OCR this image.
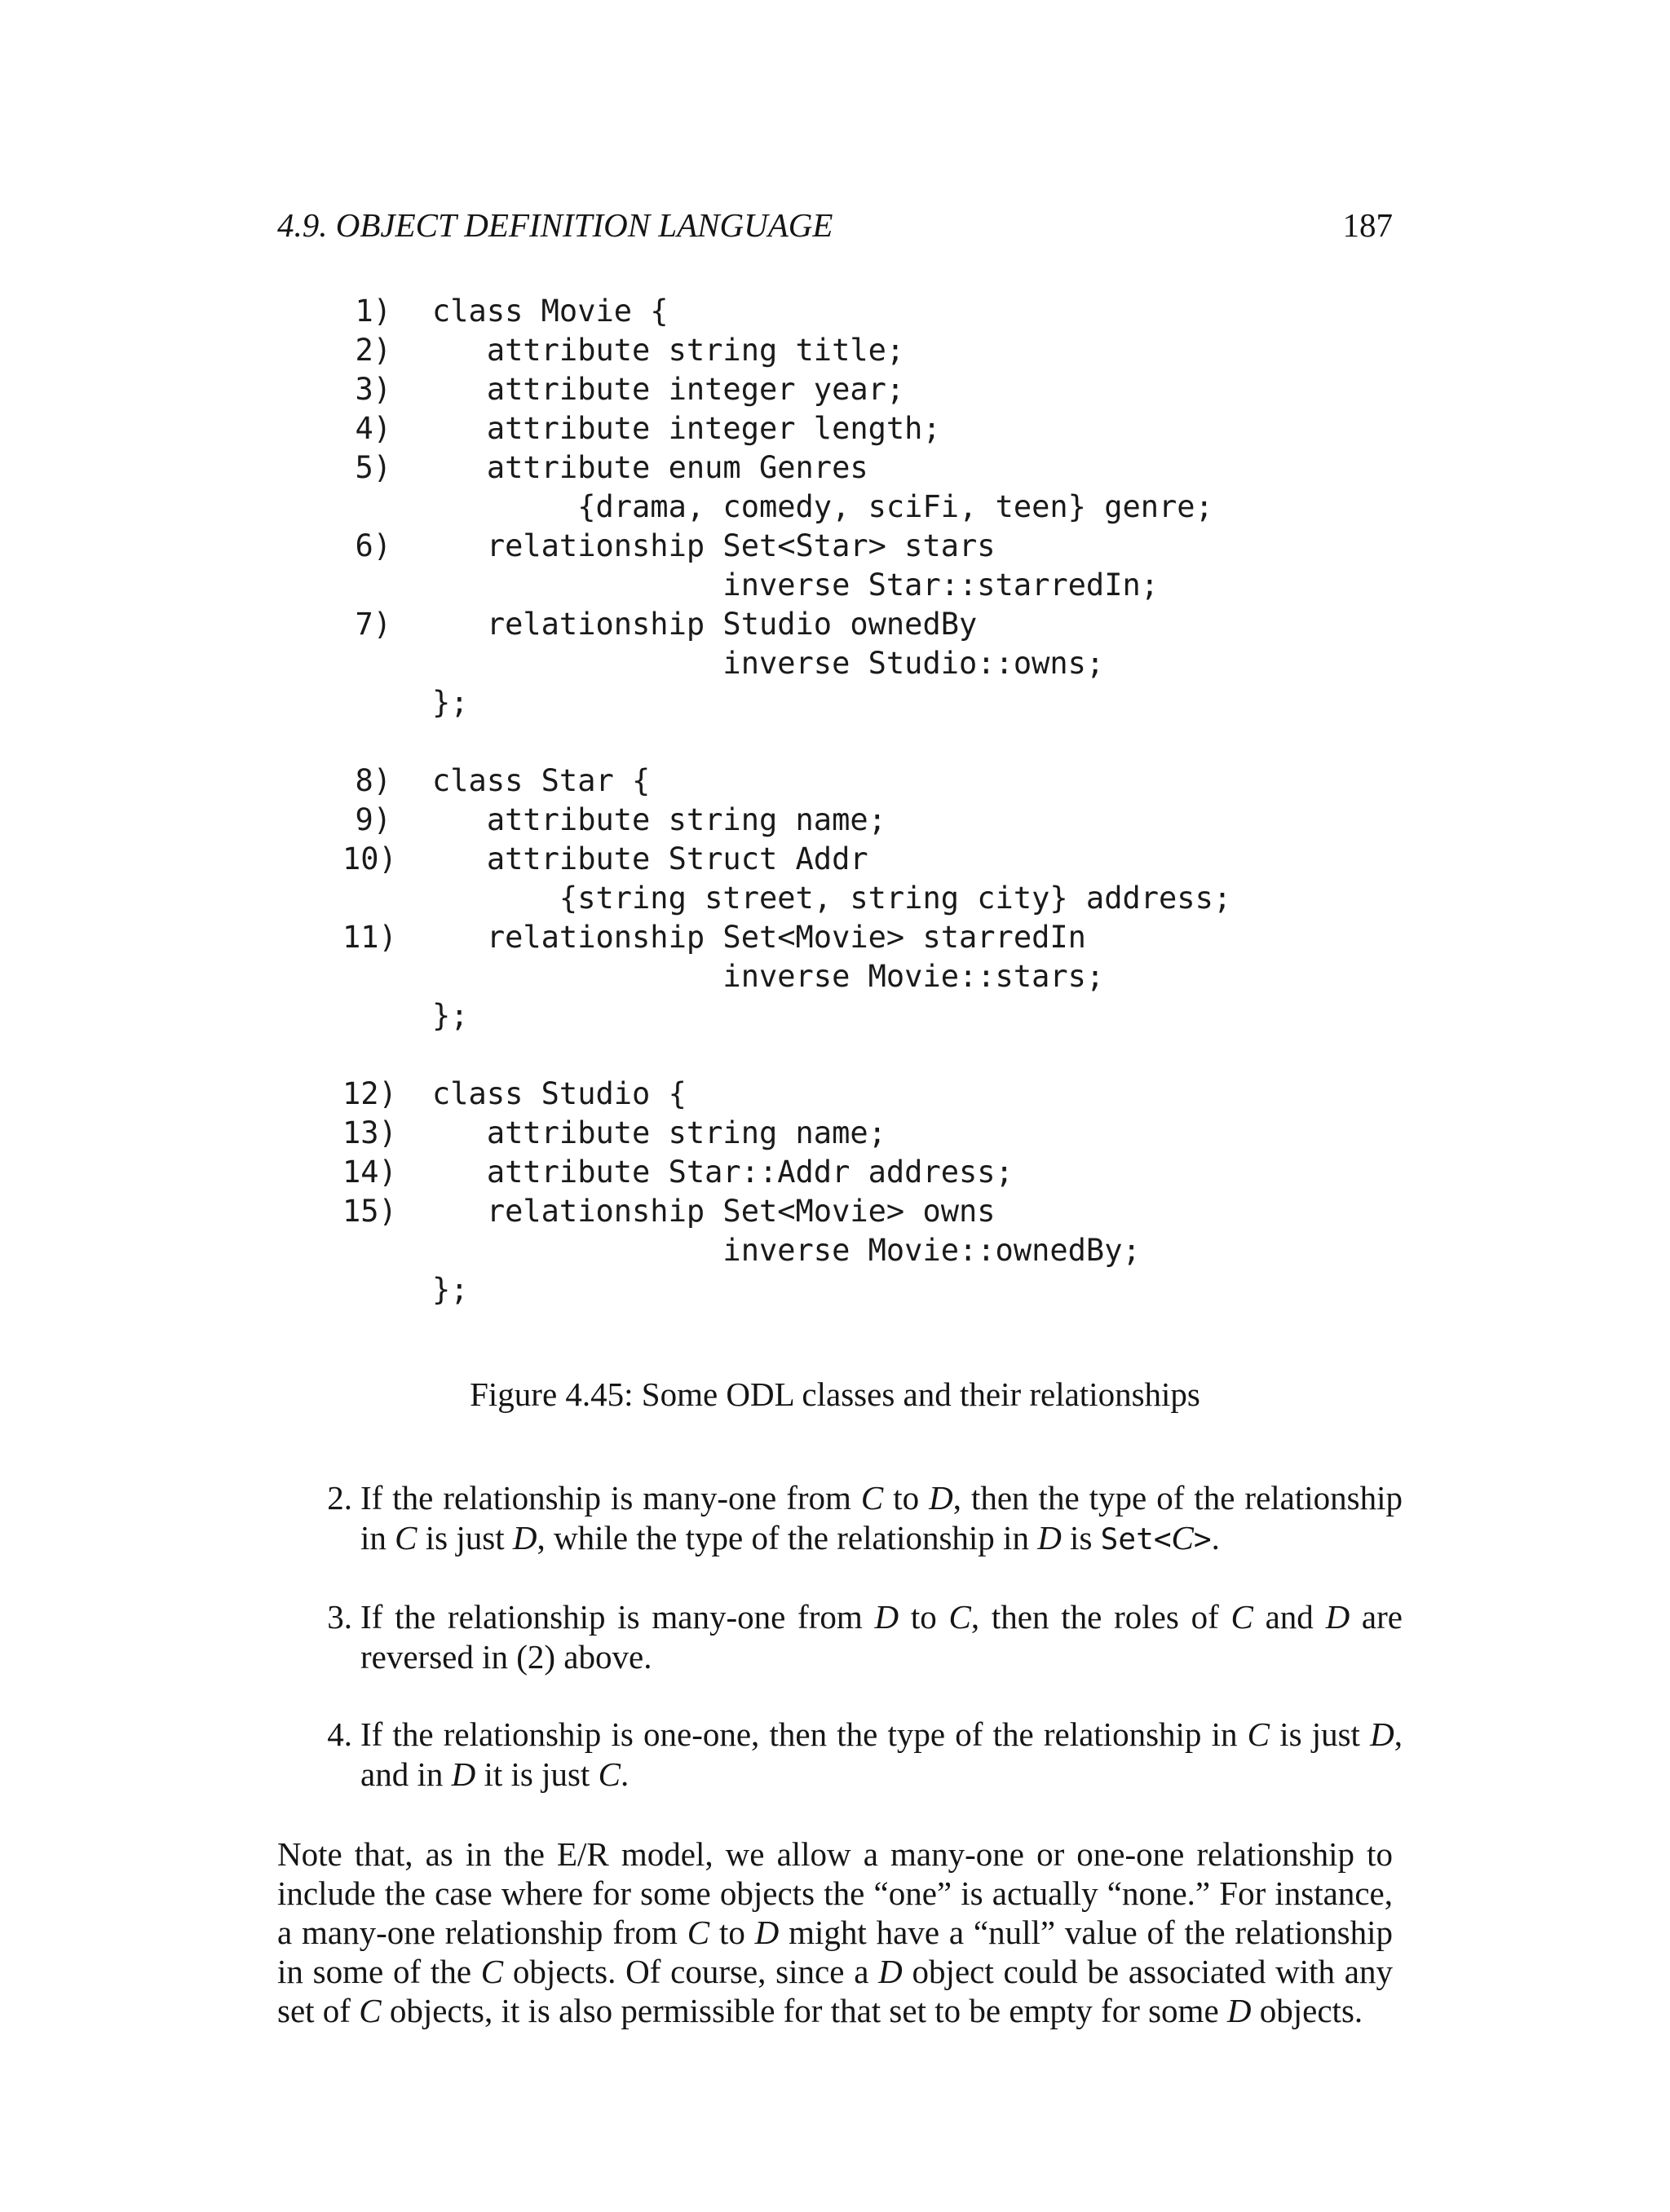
4.9. OBJECT DEFINITION LANGUAGE	187
1) class Movie {
2) attribute string title;
3) attribute integer year;
4) attribute integer length;
5) attribute enum Genres
{drama, comedy, sciFi, teen} genre;
6) relationship Set<Star> stars
inverse Star::starredIn;
7) relationship Studio ownedBy
inverse Studio::owns;
};
8) class Star {
9) attribute string name;
10) attribute Struct Addr
{string street, string city} address;
11) relationship Set<Movie> starredIn
inverse Movie::stars;
};
12) class Studio {
13) attribute string name;
14) attribute Star::Addr address;
15) relationship Set<Movie> owns
inverse Movie::ownedBy;
};
Figure 4.45: Some ODL classes and their relationships
2. If the relationship is many-one from C to D, then the type of the relationship in C is just D, while the type of the relationship in D is Set<C>.
3. If the relationship is many-one from D to C, then the roles of C and D are reversed in (2) above.
4. If the relationship is one-one, then the type of the relationship in C is just D, and in D it is just C.
Note that, as in the E/R model, we allow a many-one or one-one relationship to include the case where for some objects the “one” is actually “none.” For instance, a many-one relationship from C to D might have a “null” value of the relationship in some of the C objects. Of course, since a D object could be associated with any set of C objects, it is also permissible for that set to be empty for some D objects.
